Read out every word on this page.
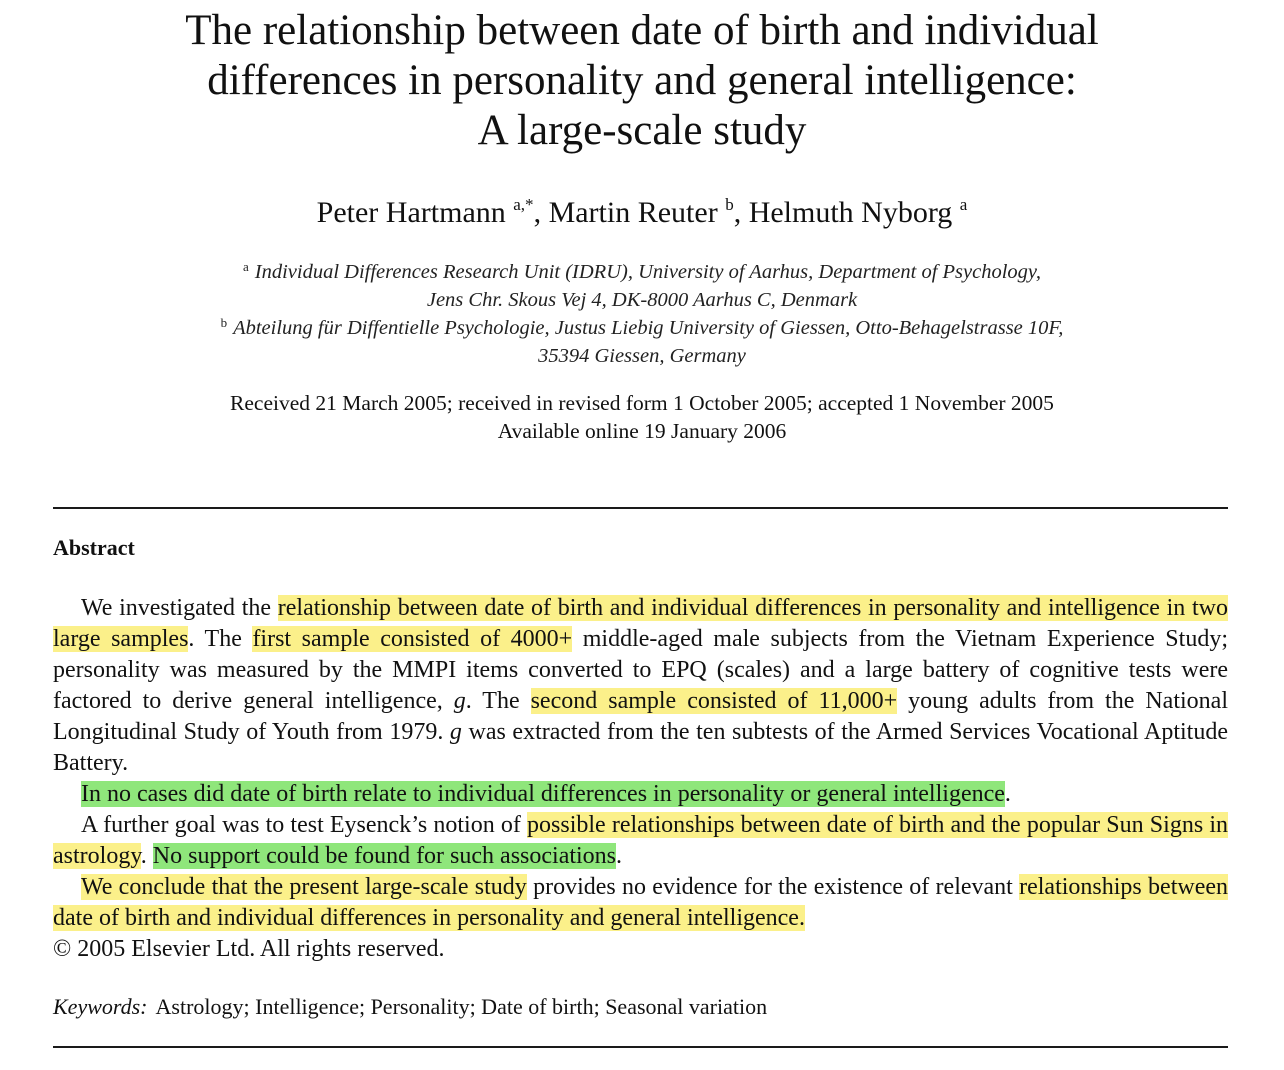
The relationship between date of birth and individual
differences in personality and general intelligence:
A large-scale study
Peter Hartmann $^{a,*}$, Martin Reuter $^b$, Helmuth Nyborg $^a$
$^a$ Individual Differences Research Unit (IDRU), University of Aarhus, Department of Psychology,
Jens Chr. Skous Vej 4, DK-8000 Aarhus C, Denmark
$^b$ Abteilung für Diffentielle Psychologie, Justus Liebig University of Giessen, Otto-Behagelstrasse 10F,
35394 Giessen, Germany
Received 21 March 2005; received in revised form 1 October 2005; accepted 1 November 2005
Available online 19 January 2006
Abstract

We investigated the relationship between date of birth and individual differences in personality and intelligence in two large samples. The first sample consisted of 4000+ middle-aged male subjects from the Vietnam Experience Study; personality was measured by the MMPI items converted to EPQ (scales) and a large battery of cognitive tests were factored to derive general intelligence, g. The second sample consisted of 11,000+ young adults from the National Longitudinal Study of Youth from 1979. g was extracted from the ten subtests of the Armed Services Vocational Aptitude Battery.

In no cases did date of birth relate to individual differences in personality or general intelligence.

A further goal was to test Eysenck’s notion of possible relationships between date of birth and the popular Sun Signs in astrology. No support could be found for such associations.

We conclude that the present large-scale study provides no evidence for the existence of relevant relationships between date of birth and individual differences in personality and general intelligence.

© 2005 Elsevier Ltd. All rights reserved.

Keywords: Astrology; Intelligence; Personality; Date of birth; Seasonal variation
